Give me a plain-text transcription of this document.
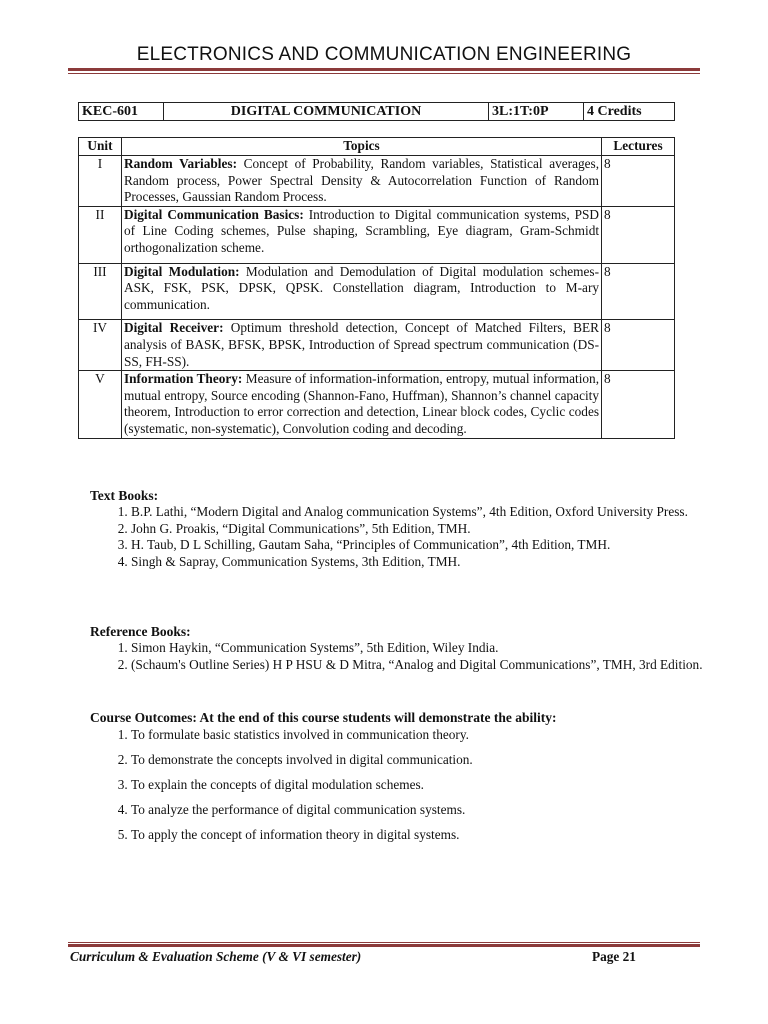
ELECTRONICS AND COMMUNICATION ENGINEERING
KEC-601	DIGITAL COMMUNICATION	3L:1T:0P	4 Credits
Unit	Topics	Lectures
I	Random Variables: Concept of Probability, Random variables, Statistical averages, Random process, Power Spectral Density & Autocorrelation Function of Random Processes, Gaussian Random Process.	8
II	Digital Communication Basics: Introduction to Digital communication systems, PSD of Line Coding schemes, Pulse shaping, Scrambling, Eye diagram, Gram-Schmidt orthogonalization scheme.	8
III	Digital Modulation: Modulation and Demodulation of Digital modulation schemes-ASK, FSK, PSK, DPSK, QPSK. Constellation diagram, Introduction to M-ary communication.	8
IV	Digital Receiver: Optimum threshold detection, Concept of Matched Filters, BER analysis of BASK, BFSK, BPSK, Introduction of Spread spectrum communication (DS-SS, FH-SS).	8
V	Information Theory: Measure of information-information, entropy, mutual information, mutual entropy, Source encoding (Shannon-Fano, Huffman), Shannon’s channel capacity theorem, Introduction to error correction and detection, Linear block codes, Cyclic codes (systematic, non-systematic), Convolution coding and decoding.	8
Text Books:
1. B.P. Lathi, “Modern Digital and Analog communication Systems”, 4th Edition, Oxford University Press.
2. John G. Proakis, “Digital Communications”, 5th Edition, TMH.
3. H. Taub, D L Schilling, Gautam Saha, “Principles of Communication”, 4th Edition, TMH.
4. Singh & Sapray, Communication Systems, 3th Edition, TMH.
Reference Books:
1. Simon Haykin, “Communication Systems”, 5th Edition, Wiley India.
2. (Schaum's Outline Series) H P HSU & D Mitra, “Analog and Digital Communications”, TMH, 3rd Edition.
Course Outcomes: At the end of this course students will demonstrate the ability:
1. To formulate basic statistics involved in communication theory.
2. To demonstrate the concepts involved in digital communication.
3. To explain the concepts of digital modulation schemes.
4. To analyze the performance of digital communication systems.
5. To apply the concept of information theory in digital systems.
Curriculum & Evaluation Scheme (V & VI semester)	Page 21
